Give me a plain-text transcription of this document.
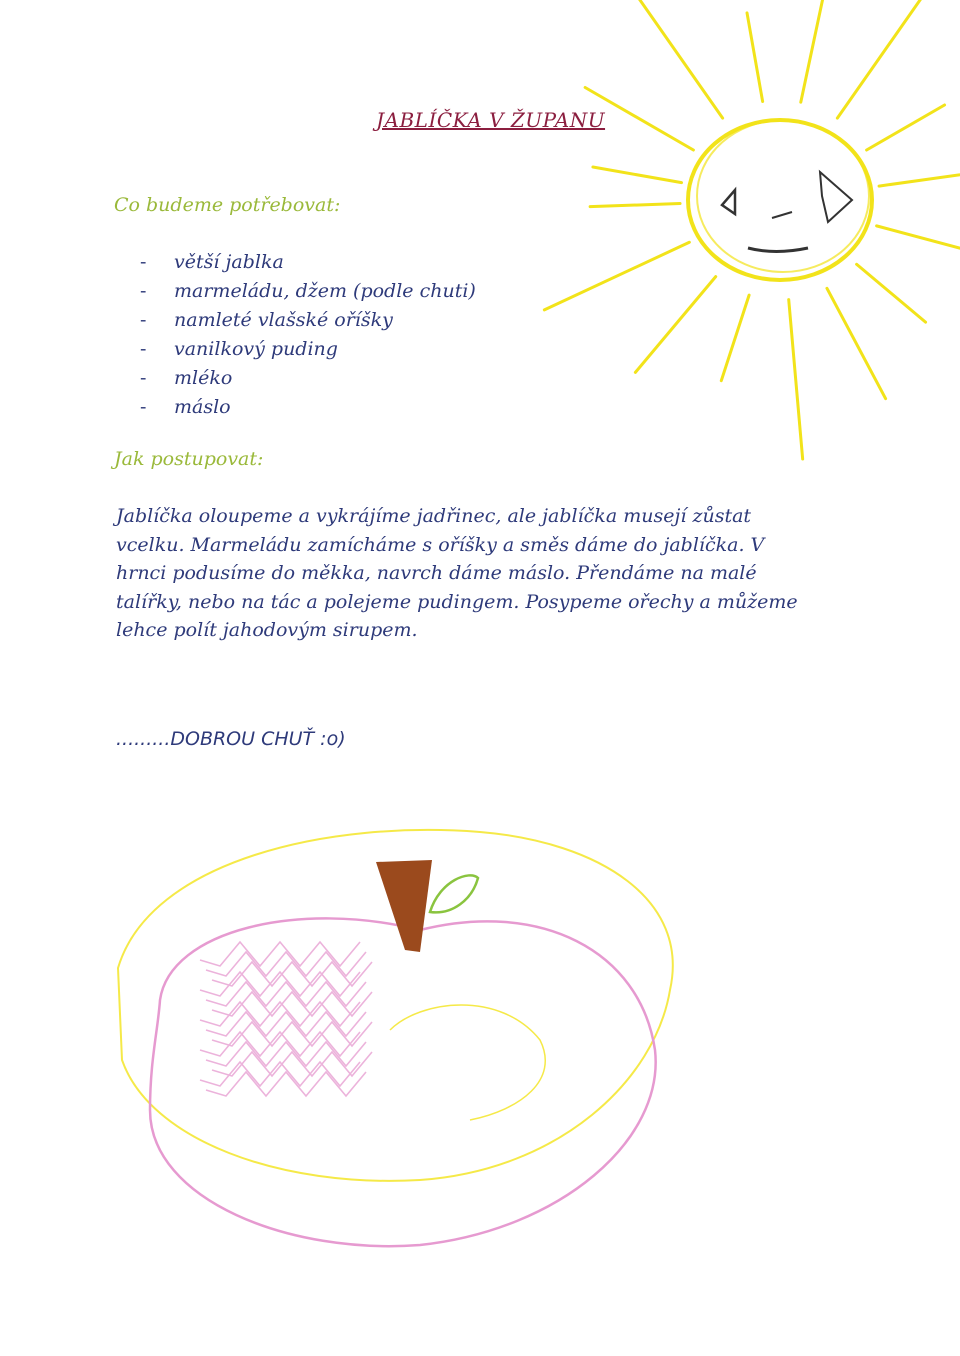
JABLÍČKA V ŽUPANU
Co budeme potřebovat:
- větší jablka
- marmeládu, džem (podle chuti)
- namleté vlašské oříšky
- vanilkový puding
- mléko
- máslo
Jak postupovat:
Jablíčka oloupeme a vykrájíme jadřinec, ale jablíčka musejí zůstat vcelku. Marmeládu zamícháme s oříšky a směs dáme do jablíčka. V hrnci podusíme do měkka, navrch dáme máslo. Přendáme na malé talířky, nebo na tác a polejeme pudingem. Posypeme ořechy a můžeme lehce polít jahodovým sirupem.
.........DOBROU CHUŤ :o)
